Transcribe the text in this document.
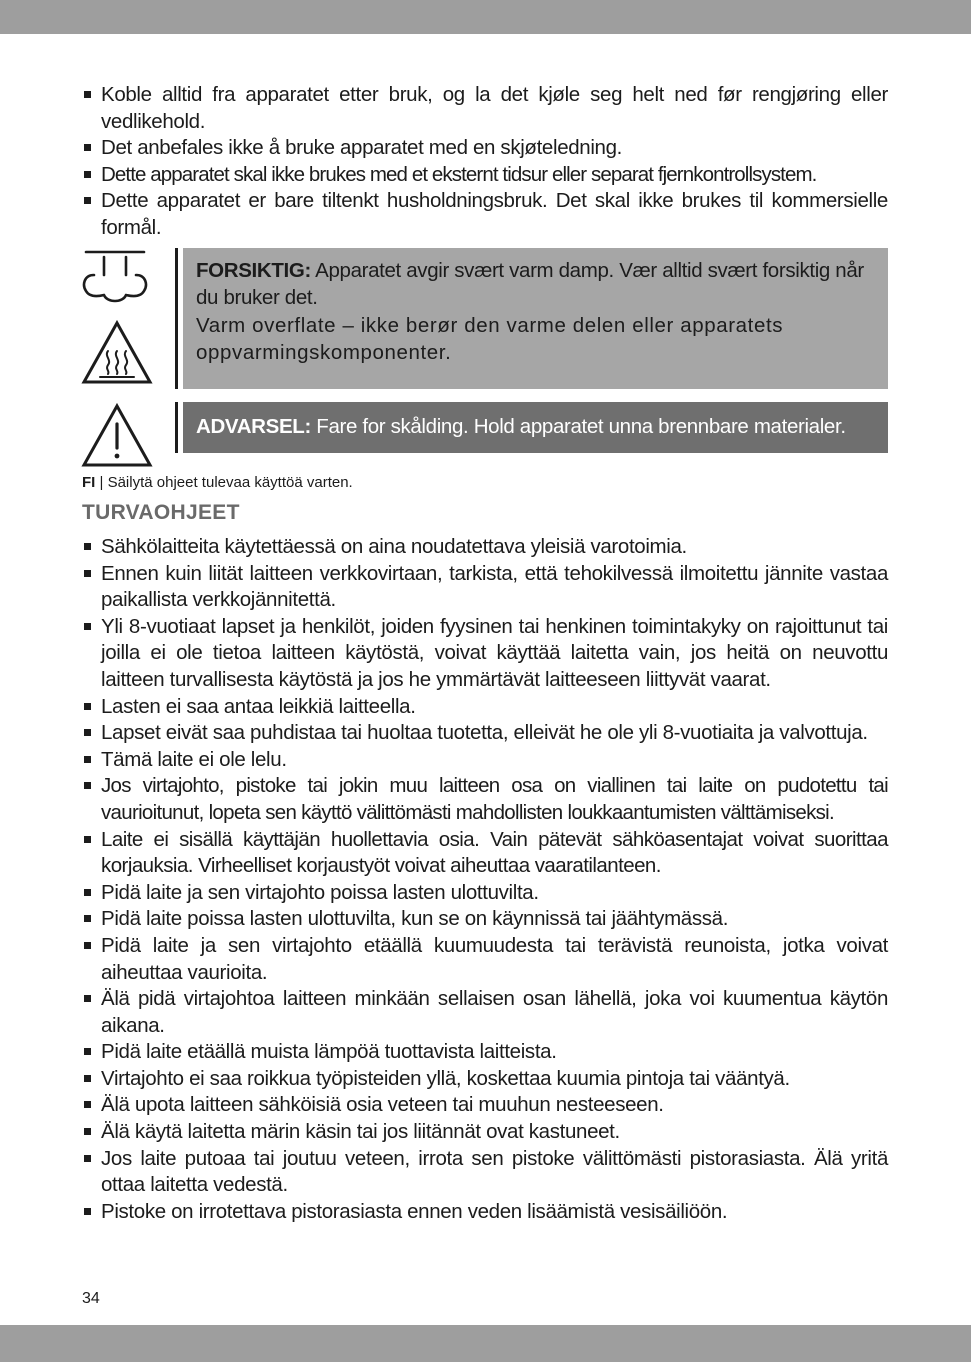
Koble alltid fra apparatet etter bruk, og la det kjøle seg helt ned før rengjøring eller vedlikehold.
Det anbefales ikke å bruke apparatet med en skjøteledning.
Dette apparatet skal ikke brukes med et eksternt tidsur eller separat fjernkontrollsystem.
Dette apparatet er bare tiltenkt husholdningsbruk. Det skal ikke brukes til kommersielle formål.

FORSIKTIG: Apparatet avgir svært varm damp. Vær alltid svært forsiktig når du bruker det.

Varm overflate – ikke berør den varme delen eller apparatets oppvarmingskomponenter.

ADVARSEL: Fare for skålding. Hold apparatet unna brennbare materialer.

FI | Säilytä ohjeet tulevaa käyttöä varten.
TURVAOHJEET
Sähkölaitteita käytettäessä on aina noudatettava yleisiä varotoimia.
Ennen kuin liität laitteen verkkovirtaan, tarkista, että tehokilvessä ilmoitettu jännite vastaa paikallista verkkojännitettä.
Yli 8-vuotiaat lapset ja henkilöt, joiden fyysinen tai henkinen toimintakyky on rajoittunut tai joilla ei ole tietoa laitteen käytöstä, voivat käyttää laitetta vain, jos heitä on neuvottu laitteen turvallisesta käytöstä ja jos he ymmärtävät laitteeseen liittyvät vaarat.
Lasten ei saa antaa leikkiä laitteella.
Lapset eivät saa puhdistaa tai huoltaa tuotetta, elleivät he ole yli 8-vuotiaita ja valvottuja.
Tämä laite ei ole lelu.
Jos virtajohto, pistoke tai jokin muu laitteen osa on viallinen tai laite on pudotettu tai vaurioitunut, lopeta sen käyttö välittömästi mahdollisten loukkaantumisten välttämiseksi.
Laite ei sisällä käyttäjän huollettavia osia. Vain pätevät sähköasentajat voivat suorittaa korjauksia. Virheelliset korjaustyöt voivat aiheuttaa vaaratilanteen.
Pidä laite ja sen virtajohto poissa lasten ulottuvilta.
Pidä laite poissa lasten ulottuvilta, kun se on käynnissä tai jäähtymässä.
Pidä laite ja sen virtajohto etäällä kuumuudesta tai terävistä reunoista, jotka voivat aiheuttaa vaurioita.
Älä pidä virtajohtoa laitteen minkään sellaisen osan lähellä, joka voi kuumentua käytön aikana.
Pidä laite etäällä muista lämpöä tuottavista laitteista.
Virtajohto ei saa roikkua työpisteiden yllä, koskettaa kuumia pintoja tai vääntyä.
Älä upota laitteen sähköisiä osia veteen tai muuhun nesteeseen.
Älä käytä laitetta märin käsin tai jos liitännät ovat kastuneet.
Jos laite putoaa tai joutuu veteen, irrota sen pistoke välittömästi pistorasiasta. Älä yritä ottaa laitetta vedestä.
Pistoke on irrotettava pistorasiasta ennen veden lisäämistä vesisäiliöön.
34
